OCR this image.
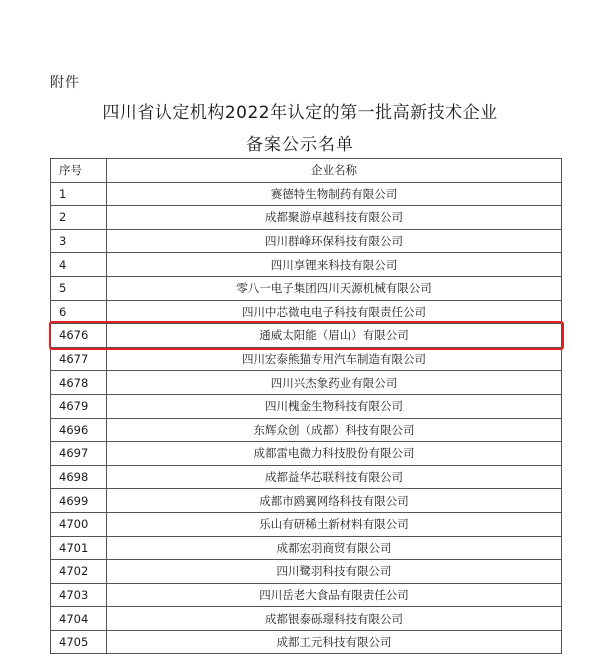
附件
四川省认定机构2022年认定的第一批高新技术企业
备案公示名单
序号	企业名称
1	赛德特生物制药有限公司
2	成都聚游卓越科技有限公司
3	四川群峰环保科技有限公司
4	四川享锂来科技有限公司
5	零八一电子集团四川天源机械有限公司
6	四川中芯微电电子科技有限责任公司
4676	通威太阳能（眉山）有限公司
4677	四川宏泰熊猫专用汽车制造有限公司
4678	四川兴杰象药业有限公司
4679	四川槐金生物科技有限公司
4696	东辉众创（成都）科技有限公司
4697	成都雷电微力科技股份有限公司
4698	成都益华芯联科技有限公司
4699	成都市鸥翼网络科技有限公司
4700	乐山有研稀土新材料有限公司
4701	成都宏羽商贸有限公司
4702	四川鹭羽科技有限公司
4703	四川岳老大食品有限责任公司
4704	成都银泰砾璟科技有限公司
4705	成都工元科技有限公司
